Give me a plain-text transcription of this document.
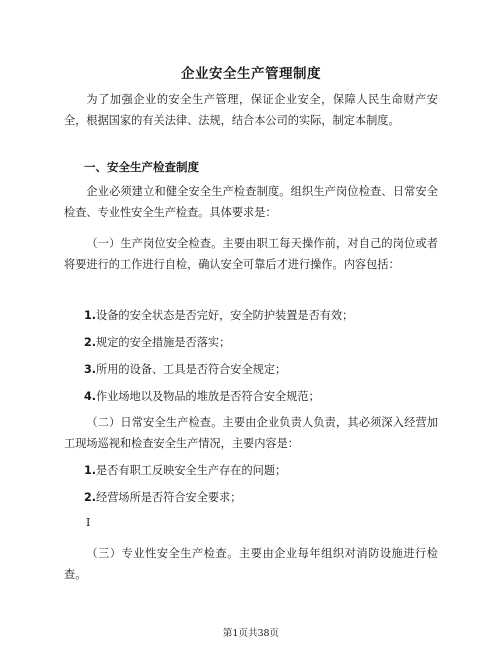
企业安全生产管理制度

为了加强企业的安全生产管理，保证企业安全，保障人民生命财产安全，根据国家的有关法律、法规，结合本公司的实际，制定本制度。

一、安全生产检查制度

企业必须建立和健全安全生产检查制度。组织生产岗位检查、日常安全检查、专业性安全生产检查。具体要求是：

（一）生产岗位安全检查。主要由职工每天操作前，对自己的岗位或者将要进行的工作进行自检，确认安全可靠后才进行操作。内容包括：

1.设备的安全状态是否完好，安全防护装置是否有效；

2.规定的安全措施是否落实；

3.所用的设备、工具是否符合安全规定；

4.作业场地以及物品的堆放是否符合安全规范；

（二）日常安全生产检查。主要由企业负责人负责，其必须深入经营加工现场巡视和检查安全生产情况，主要内容是：

1.是否有职工反映安全生产存在的问题；

2.经营场所是否符合安全要求；

I

（三）专业性安全生产检查。主要由企业每年组织对消防设施进行检查。

第1页共38页
